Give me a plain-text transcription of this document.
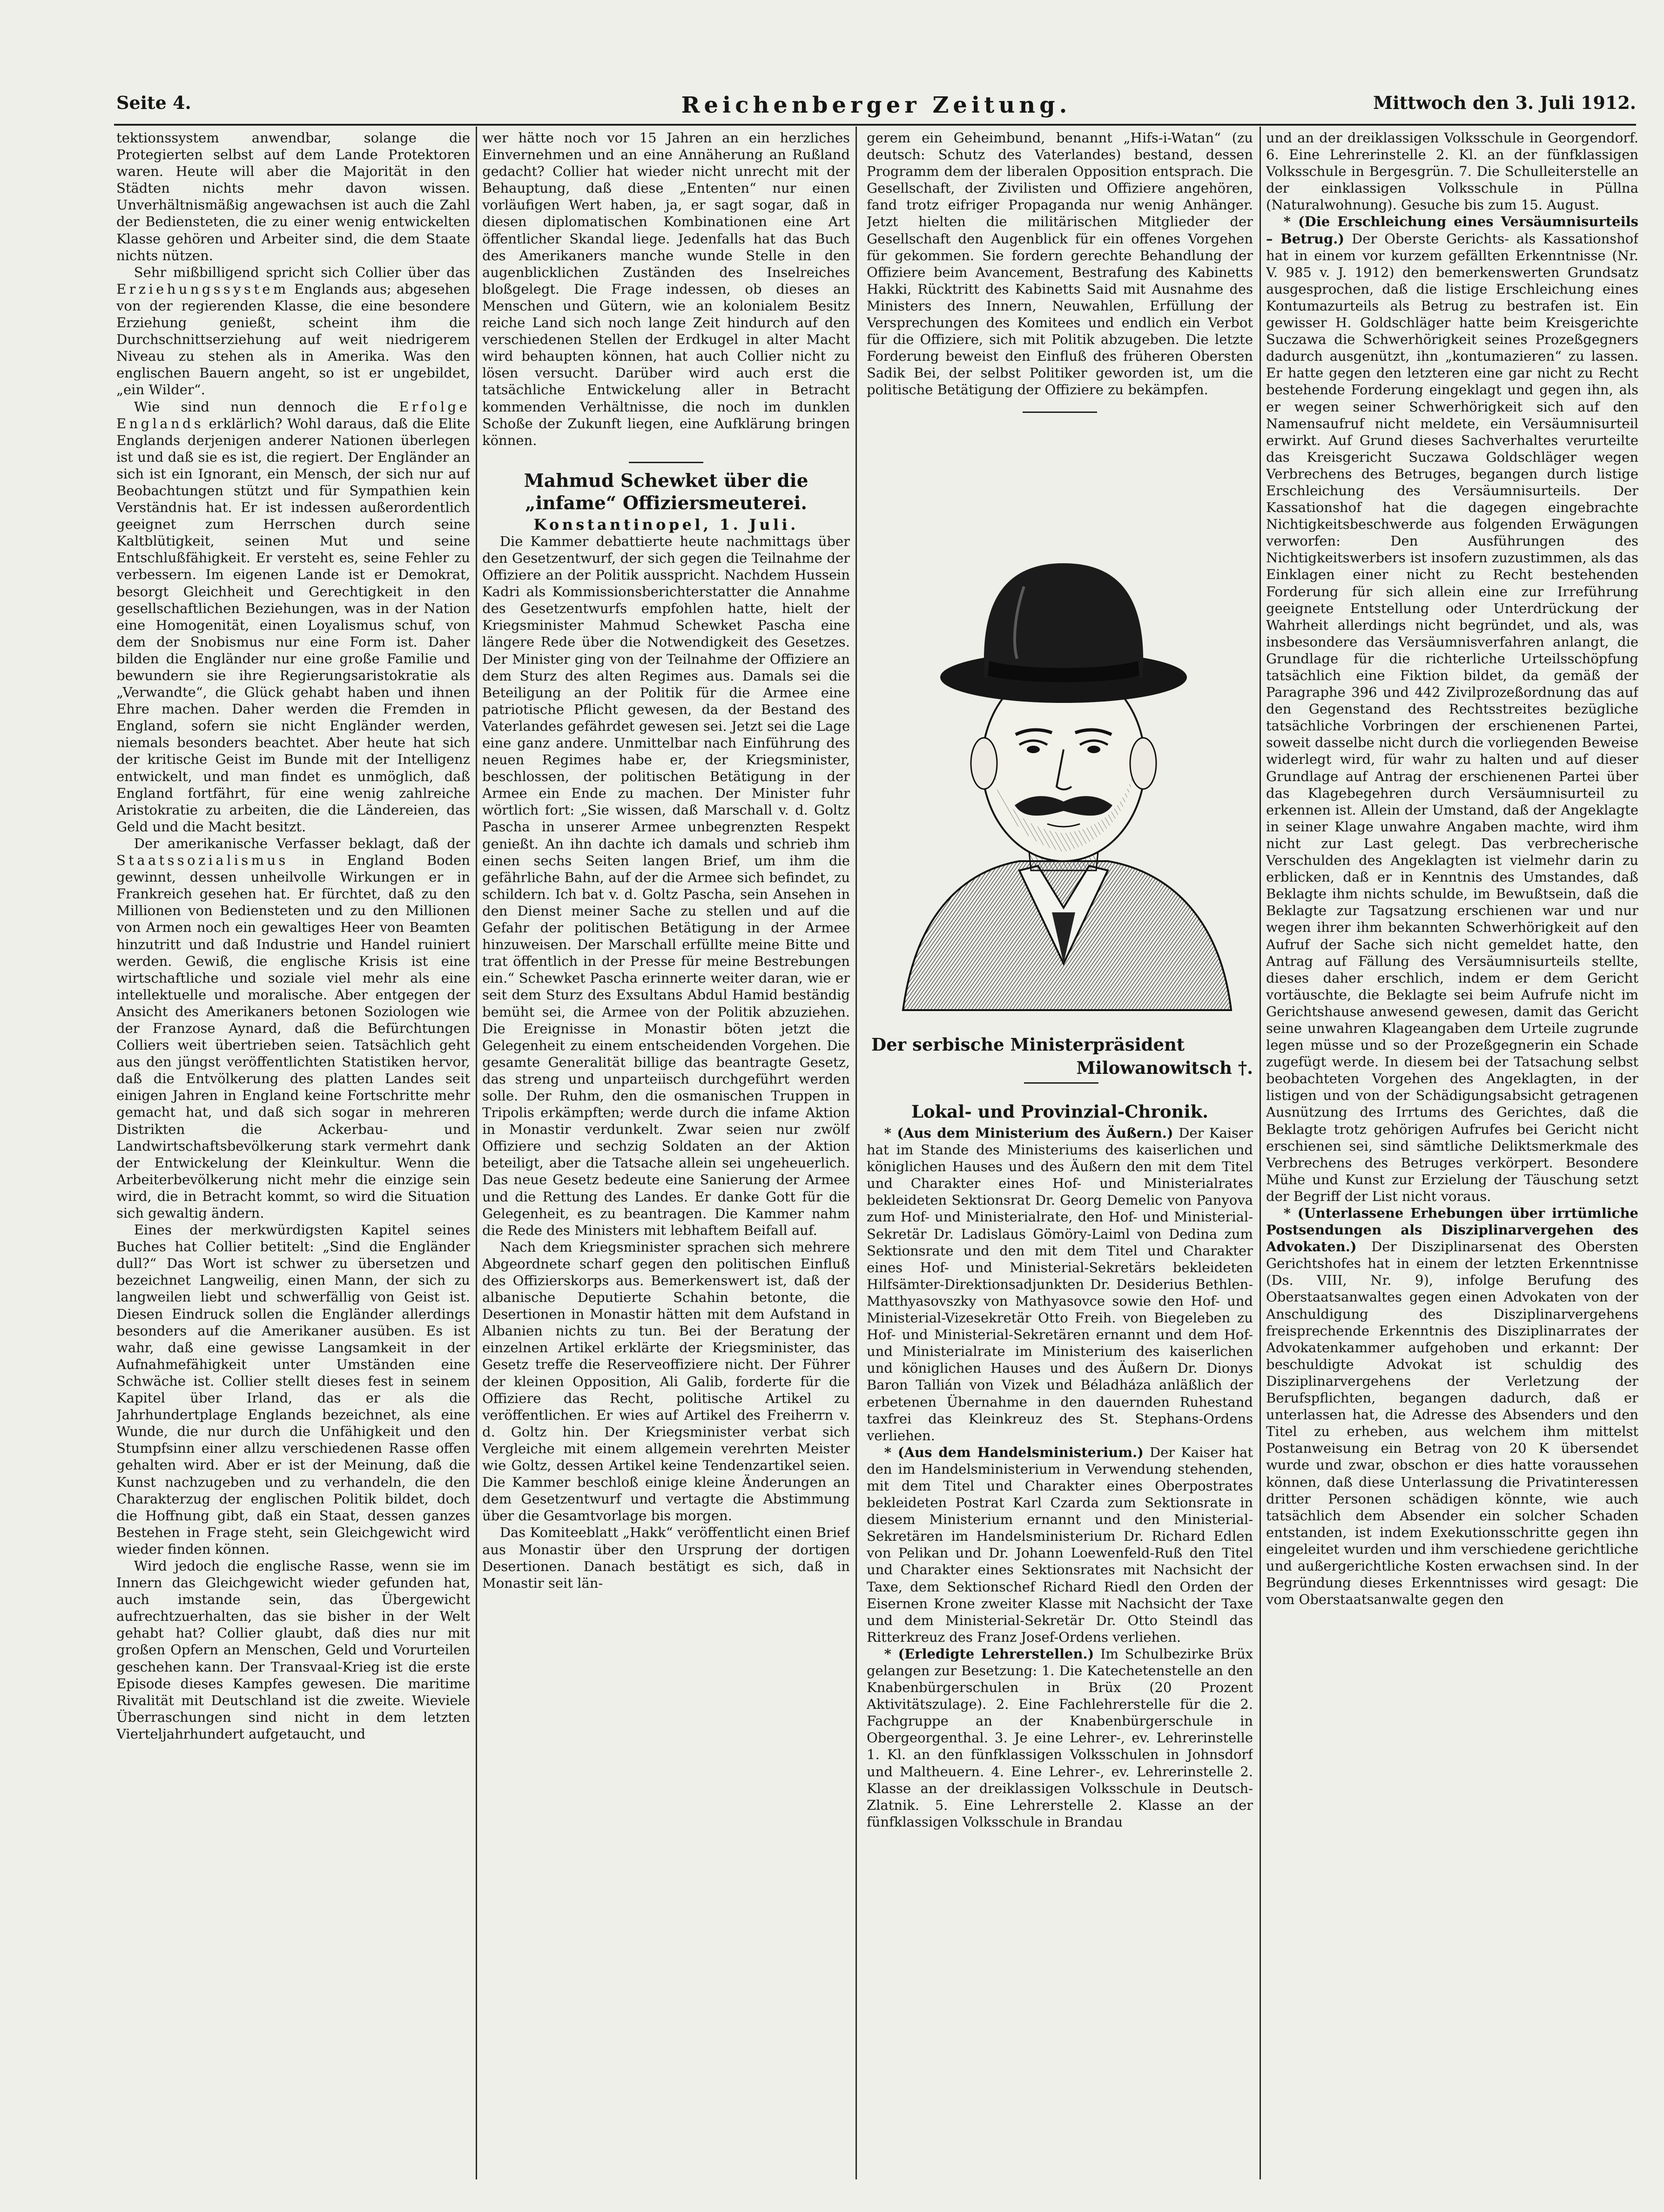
Seite 4.	Reichenberger Zeitung.	Mittwoch den 3. Juli 1912.

tektionssystem anwendbar, solange die Protegierten selbst auf dem Lande Protektoren waren. Heute will aber die Majorität in den Städten nichts mehr davon wissen. Unverhältnismäßig angewachsen ist auch die Zahl der Bediensteten, die zu einer wenig entwickelten Klasse gehören und Arbeiter sind, die dem Staate nichts nützen.

Sehr mißbilligend spricht sich Collier über das Erziehungssystem Englands aus; abgesehen von der regierenden Klasse, die eine besondere Erziehung genießt, scheint ihm die Durchschnittserziehung auf weit niedrigerem Niveau zu stehen als in Amerika. Was den englischen Bauern angeht, so ist er ungebildet, „ein Wilder“.

Wie sind nun dennoch die Erfolge Englands erklärlich? Wohl daraus, daß die Elite Englands derjenigen anderer Nationen überlegen ist und daß sie es ist, die regiert. Der Engländer an sich ist ein Ignorant, ein Mensch, der sich nur auf Beobachtungen stützt und für Sympathien kein Verständnis hat. Er ist indessen außerordentlich geeignet zum Herrschen durch seine Kaltblütigkeit, seinen Mut und seine Entschlußfähigkeit. Er versteht es, seine Fehler zu verbessern. Im eigenen Lande ist er Demokrat, besorgt Gleichheit und Gerechtigkeit in den gesellschaftlichen Beziehungen, was in der Nation eine Homogenität, einen Loyalismus schuf, von dem der Snobismus nur eine Form ist. Daher bilden die Engländer nur eine große Familie und bewundern sie ihre Regierungsaristokratie als „Verwandte“, die Glück gehabt haben und ihnen Ehre machen. Daher werden die Fremden in England, sofern sie nicht Engländer werden, niemals besonders beachtet. Aber heute hat sich der kritische Geist im Bunde mit der Intelligenz entwickelt, und man findet es unmöglich, daß England fortfährt, für eine wenig zahlreiche Aristokratie zu arbeiten, die die Ländereien, das Geld und die Macht besitzt.

Der amerikanische Verfasser beklagt, daß der Staatssozialismus in England Boden gewinnt, dessen unheilvolle Wirkungen er in Frankreich gesehen hat. Er fürchtet, daß zu den Millionen von Bediensteten und zu den Millionen von Armen noch ein gewaltiges Heer von Beamten hinzutritt und daß Industrie und Handel ruiniert werden. Gewiß, die englische Krisis ist eine wirtschaftliche und soziale viel mehr als eine intellektuelle und moralische. Aber entgegen der Ansicht des Amerikaners betonen Soziologen wie der Franzose Aynard, daß die Befürchtungen Colliers weit übertrieben seien. Tatsächlich geht aus den jüngst veröffentlichten Statistiken hervor, daß die Entvölkerung des platten Landes seit einigen Jahren in England keine Fortschritte mehr gemacht hat, und daß sich sogar in mehreren Distrikten die Ackerbau- und Landwirtschaftsbevölkerung stark vermehrt dank der Entwickelung der Kleinkultur. Wenn die Arbeiterbevölkerung nicht mehr die einzige sein wird, die in Betracht kommt, so wird die Situation sich gewaltig ändern.

Eines der merkwürdigsten Kapitel seines Buches hat Collier betitelt: „Sind die Engländer dull?“ Das Wort ist schwer zu übersetzen und bezeichnet Langweilig, einen Mann, der sich zu langweilen liebt und schwerfällig von Geist ist. Diesen Eindruck sollen die Engländer allerdings besonders auf die Amerikaner ausüben. Es ist wahr, daß eine gewisse Langsamkeit in der Aufnahmefähigkeit unter Umständen eine Schwäche ist. Collier stellt dieses fest in seinem Kapitel über Irland, das er als die Jahrhundertplage Englands bezeichnet, als eine Wunde, die nur durch die Unfähigkeit und den Stumpfsinn einer allzu verschiedenen Rasse offen gehalten wird. Aber er ist der Meinung, daß die Kunst nachzugeben und zu verhandeln, die den Charakterzug der englischen Politik bildet, doch die Hoffnung gibt, daß ein Staat, dessen ganzes Bestehen in Frage steht, sein Gleichgewicht wird wieder finden können.

Wird jedoch die englische Rasse, wenn sie im Innern das Gleichgewicht wieder gefunden hat, auch imstande sein, das Übergewicht aufrechtzuerhalten, das sie bisher in der Welt gehabt hat? Collier glaubt, daß dies nur mit großen Opfern an Menschen, Geld und Vorurteilen geschehen kann. Der Transvaal-Krieg ist die erste Episode dieses Kampfes gewesen. Die maritime Rivalität mit Deutschland ist die zweite. Wieviele Überraschungen sind nicht in dem letzten Vierteljahrhundert aufgetaucht, und

wer hätte noch vor 15 Jahren an ein herzliches Einvernehmen und an eine Annäherung an Rußland gedacht? Collier hat wieder nicht unrecht mit der Behauptung, daß diese „Ententen“ nur einen vorläufigen Wert haben, ja, er sagt sogar, daß in diesen diplomatischen Kombinationen eine Art öffentlicher Skandal liege. Jedenfalls hat das Buch des Amerikaners manche wunde Stelle in den augenblicklichen Zuständen des Inselreiches bloßgelegt. Die Frage indessen, ob dieses an Menschen und Gütern, wie an kolonialem Besitz reiche Land sich noch lange Zeit hindurch auf den verschiedenen Stellen der Erdkugel in alter Macht wird behaupten können, hat auch Collier nicht zu lösen versucht. Darüber wird auch erst die tatsächliche Entwickelung aller in Betracht kommenden Verhältnisse, die noch im dunklen Schoße der Zukunft liegen, eine Aufklärung bringen können.

Mahmud Schewket über die
„infame“ Offiziersmeuterei.
Konstantinopel, 1. Juli.

Die Kammer debattierte heute nachmittags über den Gesetzentwurf, der sich gegen die Teilnahme der Offiziere an der Politik ausspricht. Nachdem Hussein Kadri als Kommissionsberichterstatter die Annahme des Gesetzentwurfs empfohlen hatte, hielt der Kriegsminister Mahmud Schewket Pascha eine längere Rede über die Notwendigkeit des Gesetzes. Der Minister ging von der Teilnahme der Offiziere an dem Sturz des alten Regimes aus. Damals sei die Beteiligung an der Politik für die Armee eine patriotische Pflicht gewesen, da der Bestand des Vaterlandes gefährdet gewesen sei. Jetzt sei die Lage eine ganz andere. Unmittelbar nach Einführung des neuen Regimes habe er, der Kriegsminister, beschlossen, der politischen Betätigung in der Armee ein Ende zu machen. Der Minister fuhr wörtlich fort: „Sie wissen, daß Marschall v. d. Goltz Pascha in unserer Armee unbegrenzten Respekt genießt. An ihn dachte ich damals und schrieb ihm einen sechs Seiten langen Brief, um ihm die gefährliche Bahn, auf der die Armee sich befindet, zu schildern. Ich bat v. d. Goltz Pascha, sein Ansehen in den Dienst meiner Sache zu stellen und auf die Gefahr der politischen Betätigung in der Armee hinzuweisen. Der Marschall erfüllte meine Bitte und trat öffentlich in der Presse für meine Bestrebungen ein.“ Schewket Pascha erinnerte weiter daran, wie er seit dem Sturz des Exsultans Abdul Hamid beständig bemüht sei, die Armee von der Politik abzuziehen. Die Ereignisse in Monastir böten jetzt die Gelegenheit zu einem entscheidenden Vorgehen. Die gesamte Generalität billige das beantragte Gesetz, das streng und unparteiisch durchgeführt werden solle. Der Ruhm, den die osmanischen Truppen in Tripolis erkämpften; werde durch die infame Aktion in Monastir verdunkelt. Zwar seien nur zwölf Offiziere und sechzig Soldaten an der Aktion beteiligt, aber die Tatsache allein sei ungeheuerlich. Das neue Gesetz bedeute eine Sanierung der Armee und die Rettung des Landes. Er danke Gott für die Gelegenheit, es zu beantragen. Die Kammer nahm die Rede des Ministers mit lebhaftem Beifall auf.

Nach dem Kriegsminister sprachen sich mehrere Abgeordnete scharf gegen den politischen Einfluß des Offizierskorps aus. Bemerkenswert ist, daß der albanische Deputierte Schahin betonte, die Desertionen in Monastir hätten mit dem Aufstand in Albanien nichts zu tun. Bei der Beratung der einzelnen Artikel erklärte der Kriegsminister, das Gesetz treffe die Reserveoffiziere nicht. Der Führer der kleinen Opposition, Ali Galib, forderte für die Offiziere das Recht, politische Artikel zu veröffentlichen. Er wies auf Artikel des Freiherrn v. d. Goltz hin. Der Kriegsminister verbat sich Vergleiche mit einem allgemein verehrten Meister wie Goltz, dessen Artikel keine Tendenzartikel seien. Die Kammer beschloß einige kleine Änderungen an dem Gesetzentwurf und vertagte die Abstimmung über die Gesamtvorlage bis morgen.

Das Komiteeblatt „Hakk“ veröffentlicht einen Brief aus Monastir über den Ursprung der dortigen Desertionen. Danach bestätigt es sich, daß in Monastir seit län-

gerem ein Geheimbund, benannt „Hifs-i-Watan“ (zu deutsch: Schutz des Vaterlandes) bestand, dessen Programm dem der liberalen Opposition entsprach. Die Gesellschaft, der Zivilisten und Offiziere angehören, fand trotz eifriger Propaganda nur wenig Anhänger. Jetzt hielten die militärischen Mitglieder der Gesellschaft den Augenblick für ein offenes Vorgehen für gekommen. Sie fordern gerechte Behandlung der Offiziere beim Avancement, Bestrafung des Kabinetts Hakki, Rücktritt des Kabinetts Said mit Ausnahme des Ministers des Innern, Neuwahlen, Erfüllung der Versprechungen des Komitees und endlich ein Verbot für die Offiziere, sich mit Politik abzugeben. Die letzte Forderung beweist den Einfluß des früheren Obersten Sadik Bei, der selbst Politiker geworden ist, um die politische Betätigung der Offiziere zu bekämpfen.

Der serbische Ministerpräsident
Milowanowitsch †.
Lokal- und Provinzial-Chronik.

* (Aus dem Ministerium des Äußern.) Der Kaiser hat im Stande des Ministeriums des kaiserlichen und königlichen Hauses und des Äußern den mit dem Titel und Charakter eines Hof- und Ministerialrates bekleideten Sektionsrat Dr. Georg Demelic von Panyova zum Hof- und Ministerialrate, den Hof- und Ministerial-Sekretär Dr. Ladislaus Gömöry-Laiml von Dedina zum Sektionsrate und den mit dem Titel und Charakter eines Hof- und Ministerial-Sekretärs bekleideten Hilfsämter-Direktionsadjunkten Dr. Desiderius Bethlen-Matthyasovszky von Mathyasovce sowie den Hof- und Ministerial-Vizesekretär Otto Freih. von Biegeleben zu Hof- und Ministerial-Sekretären ernannt und dem Hof- und Ministerialrate im Ministerium des kaiserlichen und königlichen Hauses und des Äußern Dr. Dionys Baron Tallián von Vizek und Béladháza anläßlich der erbetenen Übernahme in den dauernden Ruhestand taxfrei das Kleinkreuz des St. Stephans-Ordens verliehen.

* (Aus dem Handelsministerium.) Der Kaiser hat den im Handelsministerium in Verwendung stehenden, mit dem Titel und Charakter eines Oberpostrates bekleideten Postrat Karl Czarda zum Sektionsrate in diesem Ministerium ernannt und den Ministerial-Sekretären im Handelsministerium Dr. Richard Edlen von Pelikan und Dr. Johann Loewenfeld-Ruß den Titel und Charakter eines Sektionsrates mit Nachsicht der Taxe, dem Sektionschef Richard Riedl den Orden der Eisernen Krone zweiter Klasse mit Nachsicht der Taxe und dem Ministerial-Sekretär Dr. Otto Steindl das Ritterkreuz des Franz Josef-Ordens verliehen.

* (Erledigte Lehrerstellen.) Im Schulbezirke Brüx gelangen zur Besetzung: 1. Die Katechetenstelle an den Knabenbürgerschulen in Brüx (20 Prozent Aktivitätszulage). 2. Eine Fachlehrerstelle für die 2. Fachgruppe an der Knabenbürgerschule in Obergeorgenthal. 3. Je eine Lehrer-, ev. Lehrerinstelle 1. Kl. an den fünfklassigen Volksschulen in Johnsdorf und Maltheuern. 4. Eine Lehrer-, ev. Lehrerinstelle 2. Klasse an der dreiklassigen Volksschule in Deutsch-Zlatnik. 5. Eine Lehrerstelle 2. Klasse an der fünfklassigen Volksschule in Brandau

und an der dreiklassigen Volksschule in Georgendorf. 6. Eine Lehrerinstelle 2. Kl. an der fünfklassigen Volksschule in Bergesgrün. 7. Die Schulleiterstelle an der einklassigen Volksschule in Püllna (Naturalwohnung). Gesuche bis zum 15. August.

* (Die Erschleichung eines Versäumnisurteils – Betrug.) Der Oberste Gerichts- als Kassationshof hat in einem vor kurzem gefällten Erkenntnisse (Nr. V. 985 v. J. 1912) den bemerkenswerten Grundsatz ausgesprochen, daß die listige Erschleichung eines Kontumazurteils als Betrug zu bestrafen ist. Ein gewisser H. Goldschläger hatte beim Kreisgerichte Suczawa die Schwerhörigkeit seines Prozeßgegners dadurch ausgenützt, ihn „kontumazieren“ zu lassen. Er hatte gegen den letzteren eine gar nicht zu Recht bestehende Forderung eingeklagt und gegen ihn, als er wegen seiner Schwerhörigkeit sich auf den Namensaufruf nicht meldete, ein Versäumnisurteil erwirkt. Auf Grund dieses Sachverhaltes verurteilte das Kreisgericht Suczawa Goldschläger wegen Verbrechens des Betruges, begangen durch listige Erschleichung des Versäumnisurteils. Der Kassationshof hat die dagegen eingebrachte Nichtigkeitsbeschwerde aus folgenden Erwägungen verworfen: Den Ausführungen des Nichtigkeitswerbers ist insofern zuzustimmen, als das Einklagen einer nicht zu Recht bestehenden Forderung für sich allein eine zur Irreführung geeignete Entstellung oder Unterdrückung der Wahrheit allerdings nicht begründet, und als, was insbesondere das Versäumnisverfahren anlangt, die Grundlage für die richterliche Urteilsschöpfung tatsächlich eine Fiktion bildet, da gemäß der Paragraphe 396 und 442 Zivilprozeßordnung das auf den Gegenstand des Rechtsstreites bezügliche tatsächliche Vorbringen der erschienenen Partei, soweit dasselbe nicht durch die vorliegenden Beweise widerlegt wird, für wahr zu halten und auf dieser Grundlage auf Antrag der erschienenen Partei über das Klagebegehren durch Versäumnisurteil zu erkennen ist. Allein der Umstand, daß der Angeklagte in seiner Klage unwahre Angaben machte, wird ihm nicht zur Last gelegt. Das verbrecherische Verschulden des Angeklagten ist vielmehr darin zu erblicken, daß er in Kenntnis des Umstandes, daß Beklagte ihm nichts schulde, im Bewußtsein, daß die Beklagte zur Tagsatzung erschienen war und nur wegen ihrer ihm bekannten Schwerhörigkeit auf den Aufruf der Sache sich nicht gemeldet hatte, den Antrag auf Fällung des Versäumnisurteils stellte, dieses daher erschlich, indem er dem Gericht vortäuschte, die Beklagte sei beim Aufrufe nicht im Gerichtshause anwesend gewesen, damit das Gericht seine unwahren Klageangaben dem Urteile zugrunde legen müsse und so der Prozeßgegnerin ein Schade zugefügt werde. In diesem bei der Tatsachung selbst beobachteten Vorgehen des Angeklagten, in der listigen und von der Schädigungsabsicht getragenen Ausnützung des Irrtums des Gerichtes, daß die Beklagte trotz gehörigen Aufrufes bei Gericht nicht erschienen sei, sind sämtliche Deliktsmerkmale des Verbrechens des Betruges verkörpert. Besondere Mühe und Kunst zur Erzielung der Täuschung setzt der Begriff der List nicht voraus.

* (Unterlassene Erhebungen über irrtümliche Postsendungen als Disziplinarvergehen des Advokaten.) Der Disziplinarsenat des Obersten Gerichtshofes hat in einem der letzten Erkenntnisse (Ds. VIII, Nr. 9), infolge Berufung des Oberstaatsanwaltes gegen einen Advokaten von der Anschuldigung des Disziplinarvergehens freisprechende Erkenntnis des Disziplinarrates der Advokatenkammer aufgehoben und erkannt: Der beschuldigte Advokat ist schuldig des Disziplinarvergehens der Verletzung der Berufspflichten, begangen dadurch, daß er unterlassen hat, die Adresse des Absenders und den Titel zu erheben, aus welchem ihm mittelst Postanweisung ein Betrag von 20 K übersendet wurde und zwar, obschon er dies hatte voraussehen können, daß diese Unterlassung die Privatinteressen dritter Personen schädigen könnte, wie auch tatsächlich dem Absender ein solcher Schaden entstanden, ist indem Exekutionsschritte gegen ihn eingeleitet wurden und ihm verschiedene gerichtliche und außergerichtliche Kosten erwachsen sind. In der Begründung dieses Erkenntnisses wird gesagt: Die vom Oberstaatsanwalte gegen den
